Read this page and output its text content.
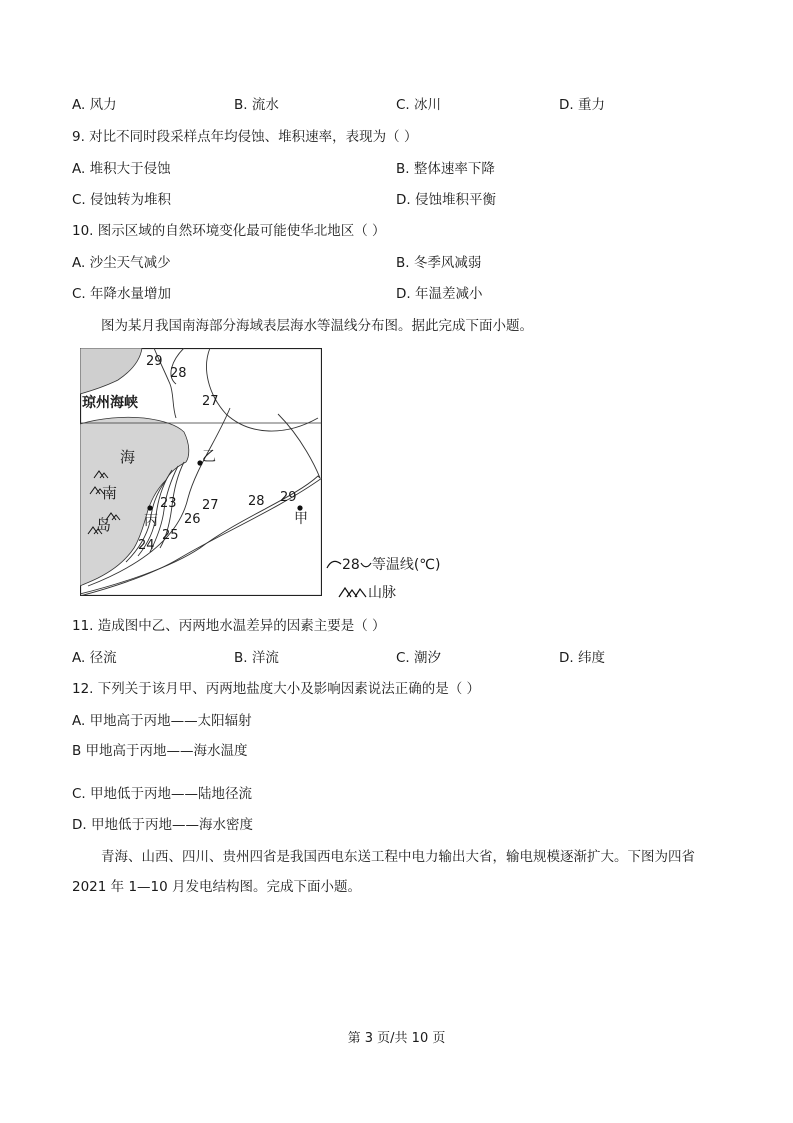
A. 风力	B. 流水	C. 冰川	D. 重力
9. 对比不同时段采样点年均侵蚀、堆积速率，表现为（ ）
A. 堆积大于侵蚀	B. 整体速率下降
C. 侵蚀转为堆积	D. 侵蚀堆积平衡
10. 图示区域的自然环境变化最可能使华北地区（ ）
A. 沙尘天气减少	B. 冬季风减弱
C. 年降水量增加	D. 年温差减小
图为某月我国南海部分海域表层海水等温线分布图。据此完成下面小题。
琼州海峡
海
南
岛
乙
丙	甲
29
28
27
23 27
26
25
24
28 29
28 等温线(℃)
山脉
11. 造成图中乙、丙两地水温差异的因素主要是（ ）
A. 径流	B. 洋流	C. 潮汐	D. 纬度
12. 下列关于该月甲、丙两地盐度大小及影响因素说法正确的是（ ）
A. 甲地高于丙地——太阳辐射
B 甲地高于丙地——海水温度
C. 甲地低于丙地——陆地径流
D. 甲地低于丙地——海水密度
青海、山西、四川、贵州四省是我国西电东送工程中电力输出大省，输电规模逐渐扩大。下图为四省
2021 年 1—10 月发电结构图。完成下面小题。
第 3 页/共 10 页
